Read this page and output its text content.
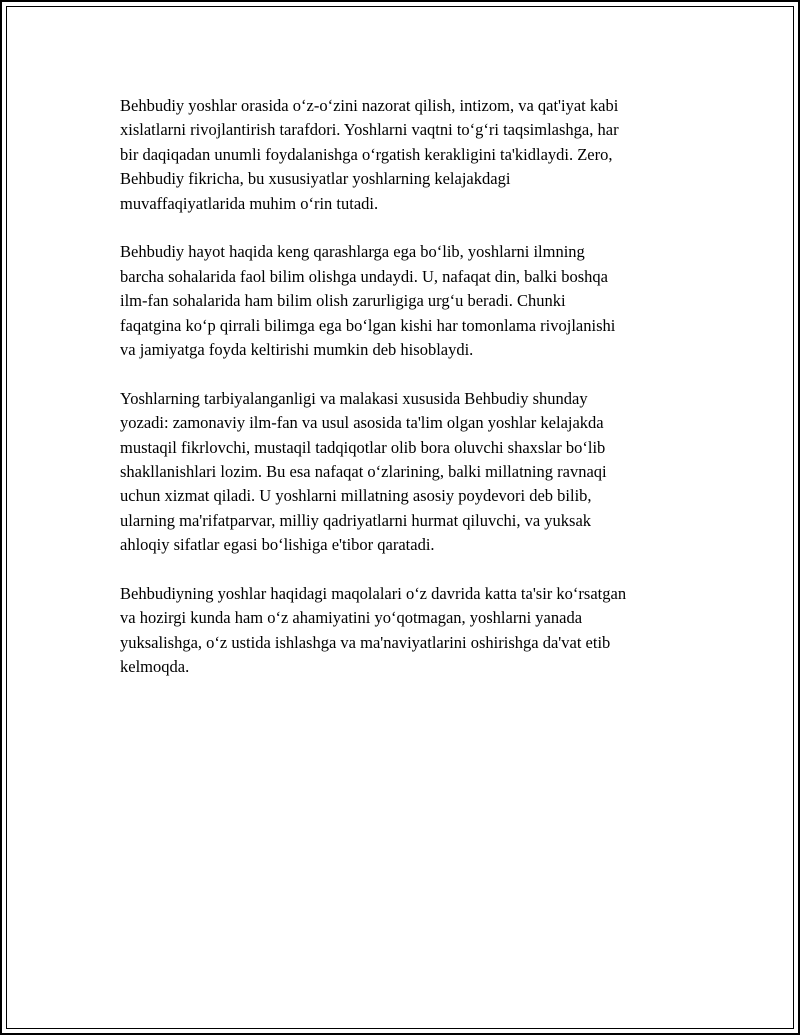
Behbudiy yoshlar orasida o‘z-o‘zini nazorat qilish, intizom, va qat'iyat kabi
xislatlarni rivojlantirish tarafdori. Yoshlarni vaqtni to‘g‘ri taqsimlashga, har
bir daqiqadan unumli foydalanishga o‘rgatish kerakligini ta'kidlaydi. Zero,
Behbudiy fikricha, bu xususiyatlar yoshlarning kelajakdagi
muvaffaqiyatlarida muhim o‘rin tutadi.

Behbudiy hayot haqida keng qarashlarga ega bo‘lib, yoshlarni ilmning
barcha sohalarida faol bilim olishga undaydi. U, nafaqat din, balki boshqa
ilm-fan sohalarida ham bilim olish zarurligiga urg‘u beradi. Chunki
faqatgina ko‘p qirrali bilimga ega bo‘lgan kishi har tomonlama rivojlanishi
va jamiyatga foyda keltirishi mumkin deb hisoblaydi.

Yoshlarning tarbiyalanganligi va malakasi xususida Behbudiy shunday
yozadi: zamonaviy ilm-fan va usul asosida ta'lim olgan yoshlar kelajakda
mustaqil fikrlovchi, mustaqil tadqiqotlar olib bora oluvchi shaxslar bo‘lib
shakllanishlari lozim. Bu esa nafaqat o‘zlarining, balki millatning ravnaqi
uchun xizmat qiladi. U yoshlarni millatning asosiy poydevori deb bilib,
ularning ma'rifatparvar, milliy qadriyatlarni hurmat qiluvchi, va yuksak
ahloqiy sifatlar egasi bo‘lishiga e'tibor qaratadi.

Behbudiyning yoshlar haqidagi maqolalari o‘z davrida katta ta'sir ko‘rsatgan
va hozirgi kunda ham o‘z ahamiyatini yo‘qotmagan, yoshlarni yanada
yuksalishga, o‘z ustida ishlashga va ma'naviyatlarini oshirishga da'vat etib
kelmoqda.
